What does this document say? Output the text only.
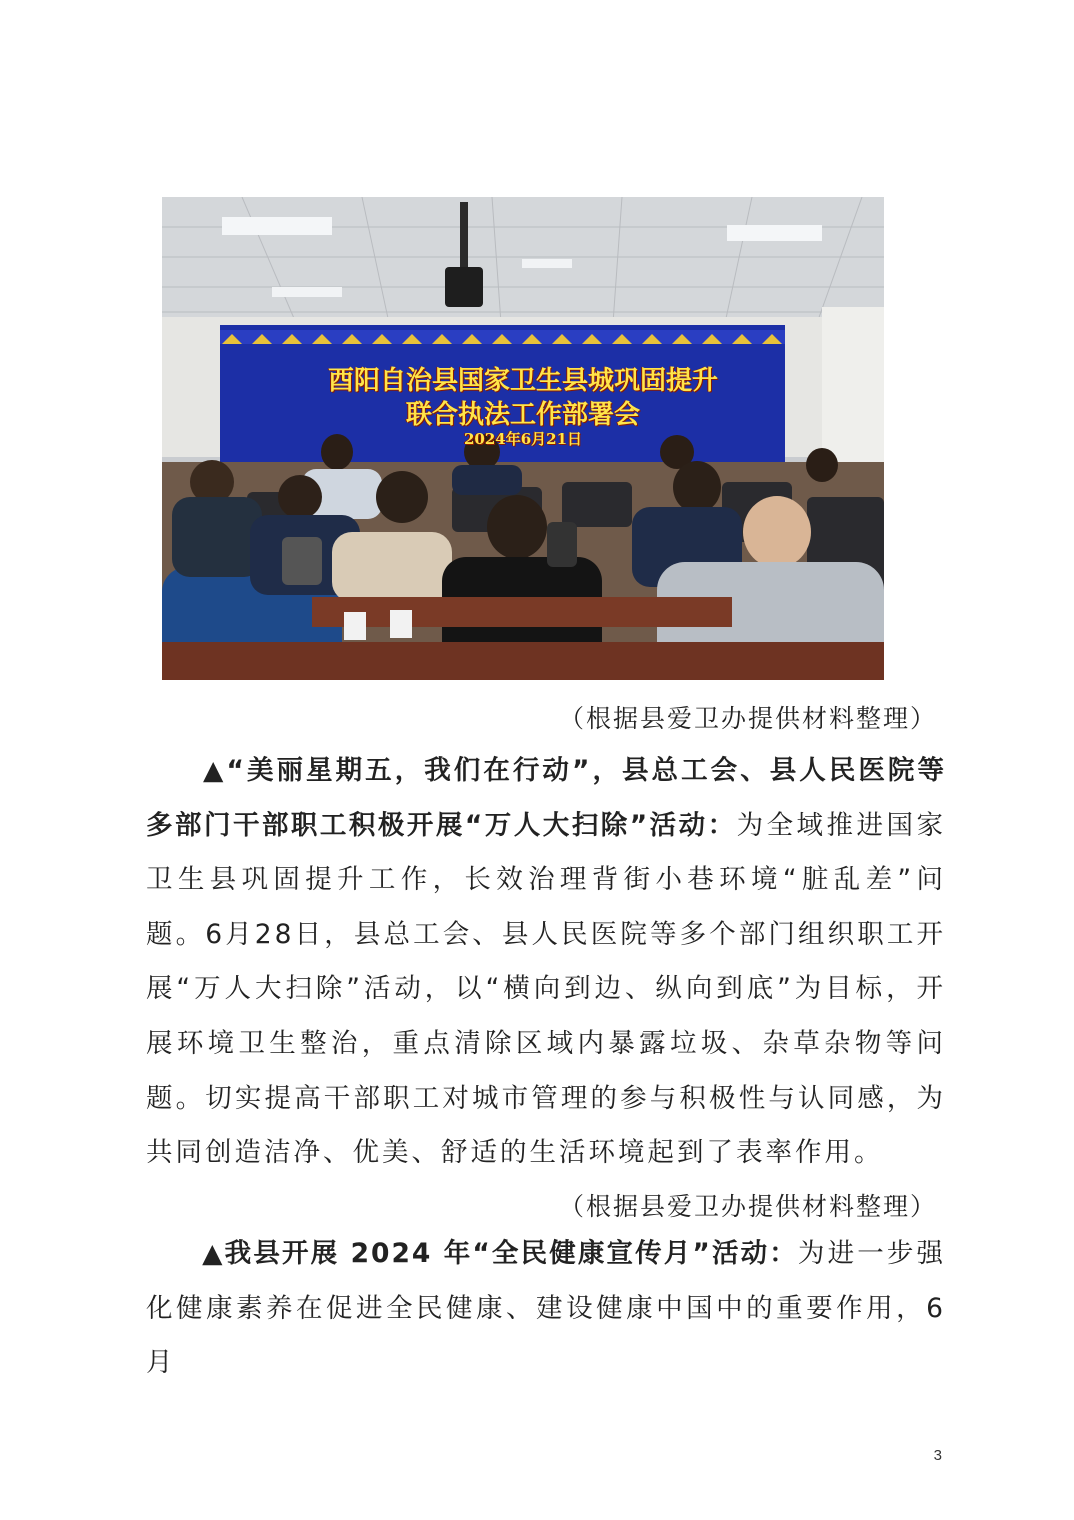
酉阳自治县国家卫生县城巩固提升
联合执法工作部署会
2024年6月21日
（根据县爱卫办提供材料整理）
▲“美丽星期五，我们在行动”，县总工会、县人民医院等多部门干部职工积极开展“万人大扫除”活动：为全域推进国家卫生县巩固提升工作，长效治理背街小巷环境“脏乱差”问题。6月28日，县总工会、县人民医院等多个部门组织职工开展“万人大扫除”活动，以“横向到边、纵向到底”为目标，开展环境卫生整治，重点清除区域内暴露垃圾、杂草杂物等问题。切实提高干部职工对城市管理的参与积极性与认同感，为共同创造洁净、优美、舒适的生活环境起到了表率作用。
（根据县爱卫办提供材料整理）
▲我县开展 2024 年“全民健康宣传月”活动：为进一步强化健康素养在促进全民健康、建设健康中国中的重要作用，6月
3
